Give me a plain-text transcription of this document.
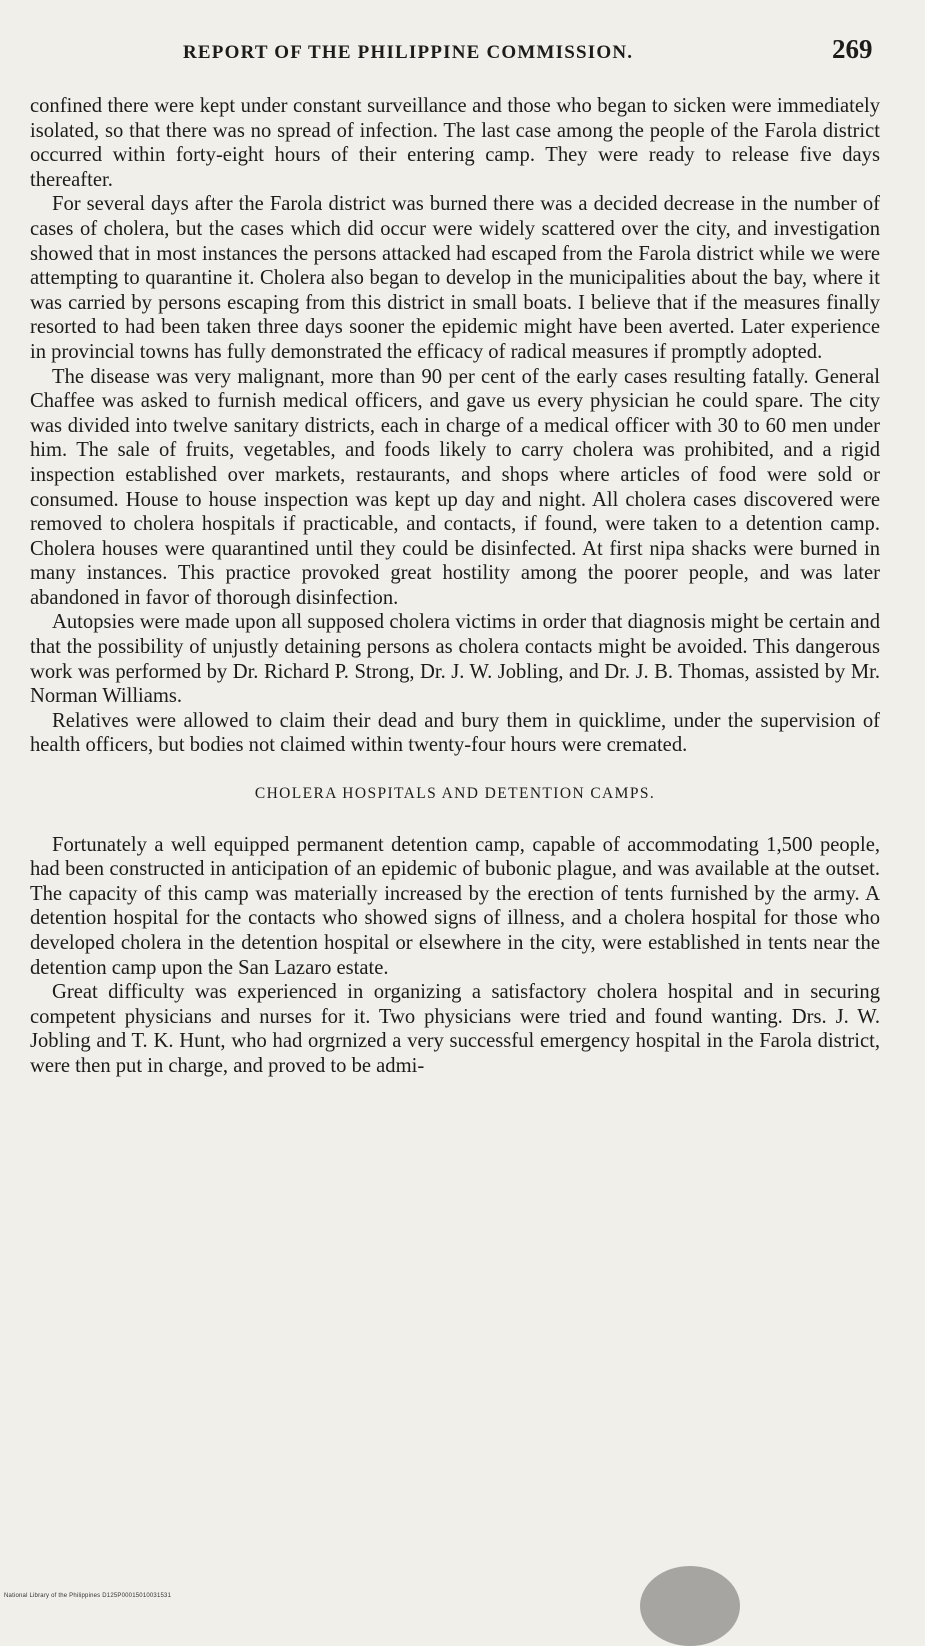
REPORT OF THE PHILIPPINE COMMISSION.	269

confined there were kept under constant surveillance and those who began to sicken were immediately isolated, so that there was no spread of infection. The last case among the people of the Farola district occurred within forty-eight hours of their entering camp. They were ready to release five days thereafter.

For several days after the Farola district was burned there was a decided decrease in the number of cases of cholera, but the cases which did occur were widely scattered over the city, and investigation showed that in most instances the persons attacked had escaped from the Farola district while we were attempting to quarantine it. Cholera also began to develop in the municipalities about the bay, where it was carried by persons escaping from this district in small boats. I believe that if the measures finally resorted to had been taken three days sooner the epidemic might have been averted. Later experience in provincial towns has fully demonstrated the efficacy of radical measures if promptly adopted.

The disease was very malignant, more than 90 per cent of the early cases resulting fatally. General Chaffee was asked to furnish medical officers, and gave us every physician he could spare. The city was divided into twelve sanitary districts, each in charge of a medical officer with 30 to 60 men under him. The sale of fruits, vegetables, and foods likely to carry cholera was prohibited, and a rigid inspection established over markets, restaurants, and shops where articles of food were sold or consumed. House to house inspection was kept up day and night. All cholera cases discovered were removed to cholera hospitals if practicable, and contacts, if found, were taken to a detention camp. Cholera houses were quarantined until they could be disinfected. At first nipa shacks were burned in many instances. This practice provoked great hostility among the poorer people, and was later abandoned in favor of thorough disinfection.

Autopsies were made upon all supposed cholera victims in order that diagnosis might be certain and that the possibility of unjustly detaining persons as cholera contacts might be avoided. This dangerous work was performed by Dr. Richard P. Strong, Dr. J. W. Jobling, and Dr. J. B. Thomas, assisted by Mr. Norman Williams.

Relatives were allowed to claim their dead and bury them in quicklime, under the supervision of health officers, but bodies not claimed within twenty-four hours were cremated.

CHOLERA HOSPITALS AND DETENTION CAMPS.

Fortunately a well equipped permanent detention camp, capable of accommodating 1,500 people, had been constructed in anticipation of an epidemic of bubonic plague, and was available at the outset. The capacity of this camp was materially increased by the erection of tents furnished by the army. A detention hospital for the contacts who showed signs of illness, and a cholera hospital for those who developed cholera in the detention hospital or elsewhere in the city, were established in tents near the detention camp upon the San Lazaro estate.

Great difficulty was experienced in organizing a satisfactory cholera hospital and in securing competent physicians and nurses for it. Two physicians were tried and found wanting. Drs. J. W. Jobling and T. K. Hunt, who had orgrnized a very successful emergency hospital in the Farola district, were then put in charge, and proved to be admi-

National Library of the Philippines D125P00015010031531
